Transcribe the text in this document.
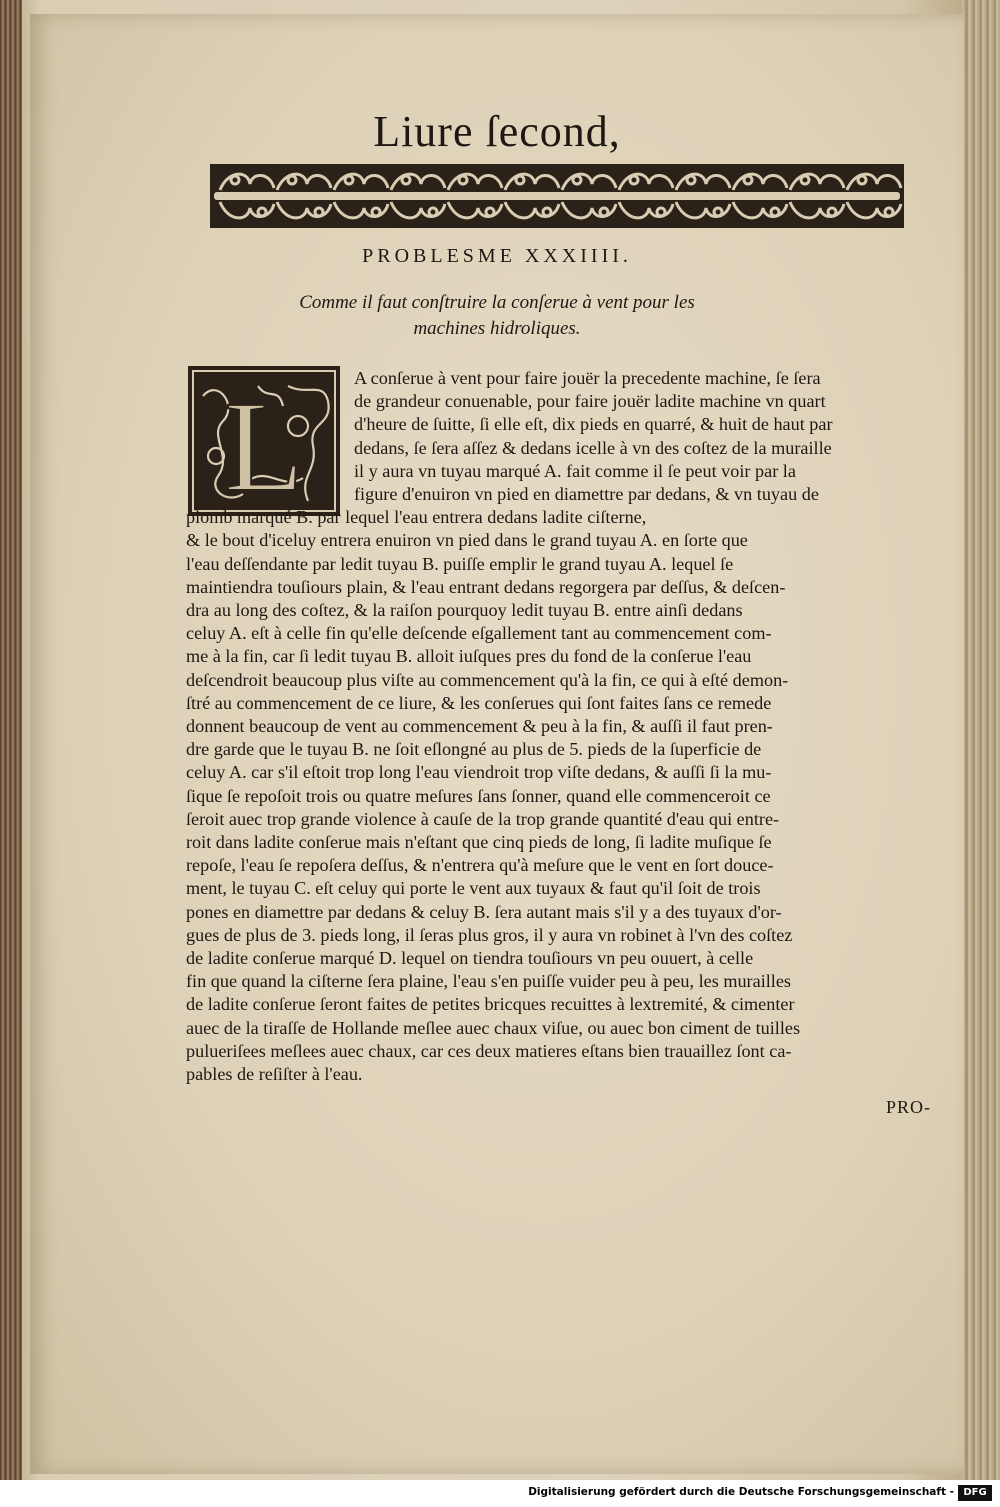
Liure ſecond,
PROBLESME XXXIIII.
Comme il faut conſtruire la conſerue à vent pour les
machines hidroliques.
L	A conſerue à vent pour faire jouër la precedente machine, ſe ſera
de grandeur conuenable, pour faire jouër ladite machine vn quart
d'heure de ſuitte, ſi elle eſt, dix pieds en quarré, & huit de haut par
dedans, ſe ſera aſſez & dedans icelle à vn des coſtez de la muraille
il y aura vn tuyau marqué A. fait comme il ſe peut voir par la
figure d'enuiron vn pied en diamettre par dedans, & vn tuyau de
plomb marqué B. par lequel l'eau entrera dedans ladite ciſterne,
& le bout d'iceluy entrera enuiron vn pied dans le grand tuyau A. en ſorte que
l'eau deſſendante par ledit tuyau B. puiſſe emplir le grand tuyau A. lequel ſe
maintiendra touſiours plain, & l'eau entrant dedans regorgera par deſſus, & deſcen-
dra au long des coſtez, & la raiſon pourquoy ledit tuyau B. entre ainſi dedans
celuy A. eſt à celle fin qu'elle deſcende eſgallement tant au commencement com-
me à la fin, car ſi ledit tuyau B. alloit iuſques pres du fond de la conſerue l'eau
deſcendroit beaucoup plus viſte au commencement qu'à la fin, ce qui à eſté demon-
ſtré au commencement de ce liure, & les conſerues qui ſont faites ſans ce remede
donnent beaucoup de vent au commencement & peu à la fin, & auſſi il faut pren-
dre garde que le tuyau B. ne ſoit eſlongné au plus de 5. pieds de la ſuperficie de
celuy A. car s'il eſtoit trop long l'eau viendroit trop viſte dedans, & auſſi ſi la mu-
ſique ſe repoſoit trois ou quatre meſures ſans ſonner, quand elle commenceroit ce
ſeroit auec trop grande violence à cauſe de la trop grande quantité d'eau qui entre-
roit dans ladite conſerue mais n'eſtant que cinq pieds de long, ſi ladite muſique ſe
repoſe, l'eau ſe repoſera deſſus, & n'entrera qu'à meſure que le vent en ſort douce-
ment, le tuyau C. eſt celuy qui porte le vent aux tuyaux & faut qu'il ſoit de trois
pones en diamettre par dedans & celuy B. ſera autant mais s'il y a des tuyaux d'or-
gues de plus de 3. pieds long, il ſeras plus gros, il y aura vn robinet à l'vn des coſtez
de ladite conſerue marqué D. lequel on tiendra touſiours vn peu ouuert, à celle
fin que quand la ciſterne ſera plaine, l'eau s'en puiſſe vuider peu à peu, les murailles
de ladite conſerue ſeront faites de petites bricques recuittes à lextremité, & cimenter
auec de la tiraſſe de Hollande meſlee auec chaux viſue, ou auec bon ciment de tuilles
pulueriſees meſlees auec chaux, car ces deux matieres eſtans bien trauaillez ſont ca-
pables de reſiſter à l'eau.
PRO-
Digitalisierung gefördert durch die Deutsche Forschungsgemeinschaft - DFG
